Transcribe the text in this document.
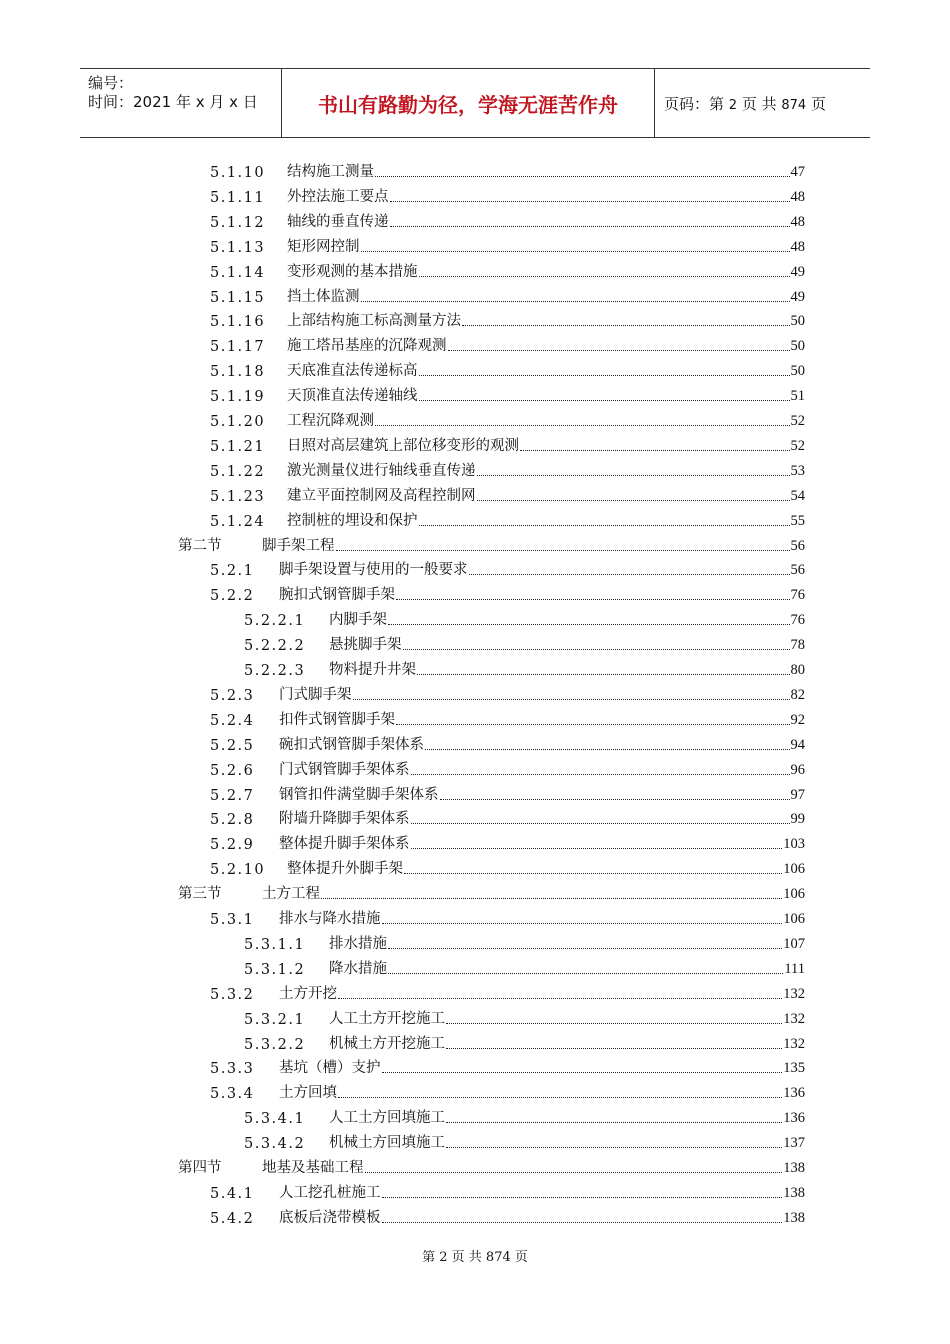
编号：
时间：2021 年 x 月 x 日	书山有路勤为径，学海无涯苦作舟	页码：第 2 页 共 874 页
5.1.10	结构施工测量	47
5.1.11	外控法施工要点	48
5.1.12	轴线的垂直传递	48
5.1.13	矩形网控制	48
5.1.14	变形观测的基本措施	49
5.1.15	挡土体监测	49
5.1.16	上部结构施工标高测量方法	50
5.1.17	施工塔吊基座的沉降观测	50
5.1.18	天底准直法传递标高	50
5.1.19	天顶准直法传递轴线	51
5.1.20	工程沉降观测	52
5.1.21	日照对高层建筑上部位移变形的观测	52
5.1.22	激光测量仪进行轴线垂直传递	53
5.1.23	建立平面控制网及高程控制网	54
5.1.24	控制桩的埋设和保护	55
第二节	脚手架工程	56
5.2.1	脚手架设置与使用的一般要求	56
5.2.2	腕扣式钢管脚手架	76
5.2.2.1	内脚手架	76
5.2.2.2	悬挑脚手架	78
5.2.2.3	物料提升井架	80
5.2.3	门式脚手架	82
5.2.4	扣件式钢管脚手架	92
5.2.5	碗扣式钢管脚手架体系	94
5.2.6	门式钢管脚手架体系	96
5.2.7	钢管扣件满堂脚手架体系	97
5.2.8	附墙升降脚手架体系	99
5.2.9	整体提升脚手架体系	103
5.2.10	整体提升外脚手架	106
第三节	土方工程	106
5.3.1	排水与降水措施	106
5.3.1.1	排水措施	107
5.3.1.2	降水措施	111
5.3.2	土方开挖	132
5.3.2.1	人工土方开挖施工	132
5.3.2.2	机械土方开挖施工	132
5.3.3	基坑（槽）支护	135
5.3.4	土方回填	136
5.3.4.1	人工土方回填施工	136
5.3.4.2	机械土方回填施工	137
第四节	地基及基础工程	138
5.4.1	人工挖孔桩施工	138
5.4.2	底板后浇带模板	138
第 2 页 共 874 页
